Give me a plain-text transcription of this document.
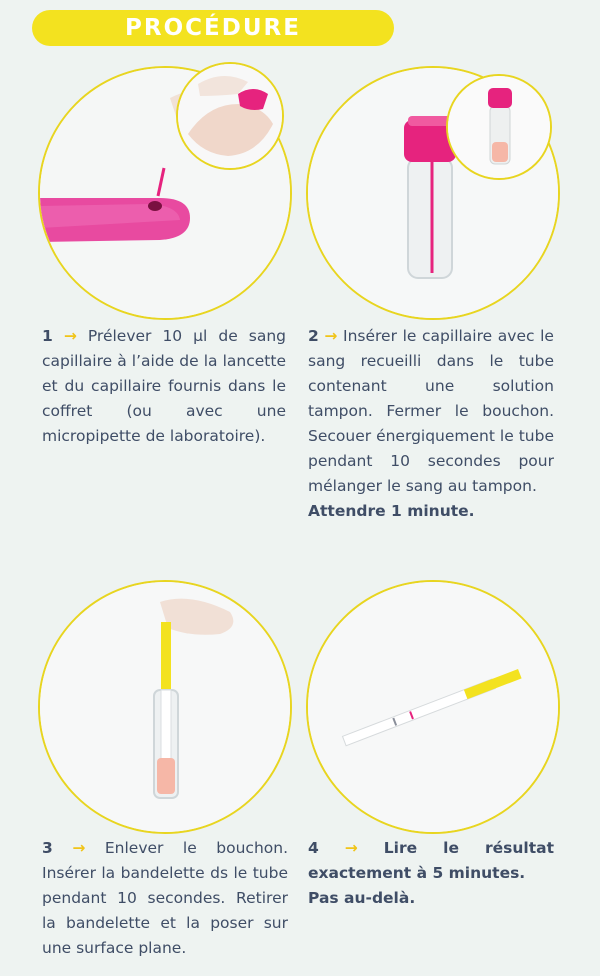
PROCÉDURE
1 → Prélever 10 µl de sang capillaire à l’aide de la lancette et du capillaire fournis dans le coffret (ou avec une micropipette de laboratoire).
2 → Insérer le capillaire avec le sang recueilli dans le tube contenant une solution tampon. Fermer le bouchon. Secouer énergiquement le tube pendant 10 secondes pour mélanger le sang au tampon.
Attendre 1 minute.
3 → Enlever le bouchon. Insérer la bandelette ds le tube pendant 10 secondes. Retirer la bandelette et la poser sur une surface plane.
4 → Lire le résultat exactement à 5 minutes.
Pas au-delà.
